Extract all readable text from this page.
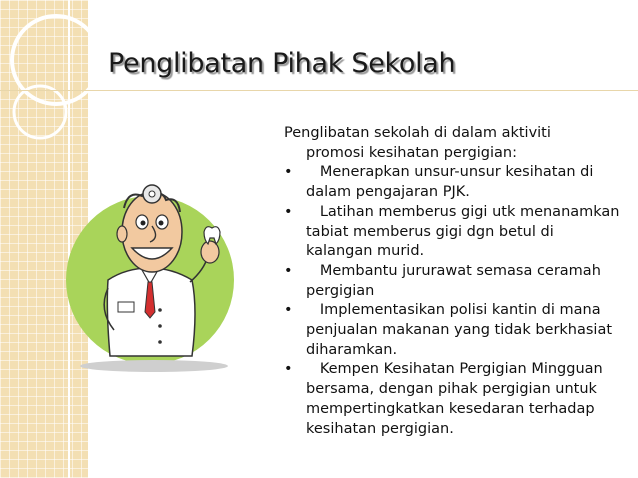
Penglibatan Pihak Sekolah

Penglibatan sekolah di dalam aktiviti
promosi kesihatan pergigian:

• Menerapkan unsur-unsur kesihatan di dalam pengajaran PJK.
• Latihan memberus gigi utk menanamkan tabiat memberus gigi dgn betul di kalangan murid.
• Membantu jururawat semasa ceramah pergigian
• Implementasikan polisi kantin di mana penjualan makanan yang tidak berkhasiat diharamkan.
• Kempen Kesihatan Pergigian Mingguan bersama, dengan pihak pergigian untuk mempertingkatkan kesedaran terhadap kesihatan pergigian.
